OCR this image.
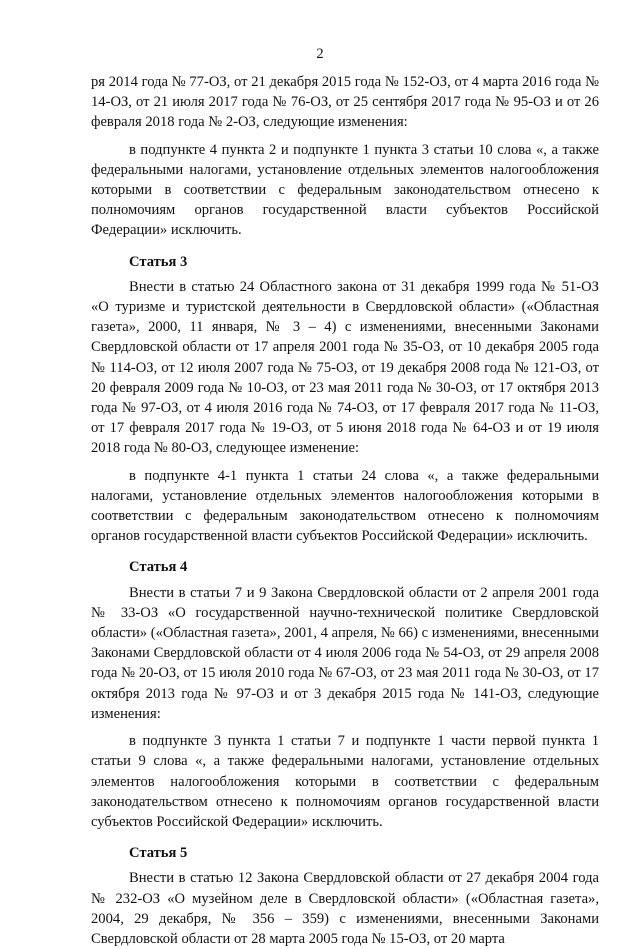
2

ря 2014 года № 77-ОЗ, от 21 декабря 2015 года № 152-ОЗ, от 4 марта 2016 года № 14-ОЗ, от 21 июля 2017 года № 76-ОЗ, от 25 сентября 2017 года № 95-ОЗ и от 26 февраля 2018 года № 2-ОЗ, следующие изменения:

в подпункте 4 пункта 2 и подпункте 1 пункта 3 статьи 10 слова «, а также федеральными налогами, установление отдельных элементов налогообложения которыми в соответствии с федеральным законодательством отнесено к полномочиям органов государственной власти субъектов Российской Федерации» исключить.

Статья 3

Внести в статью 24 Областного закона от 31 декабря 1999 года № 51-ОЗ «О туризме и туристской деятельности в Свердловской области» («Областная газета», 2000, 11 января, № 3 – 4) с изменениями, внесенными Законами Свердловской области от 17 апреля 2001 года № 35-ОЗ, от 10 декабря 2005 года № 114-ОЗ, от 12 июля 2007 года № 75-ОЗ, от 19 декабря 2008 года № 121-ОЗ, от 20 февраля 2009 года № 10-ОЗ, от 23 мая 2011 года № 30-ОЗ, от 17 октября 2013 года № 97-ОЗ, от 4 июля 2016 года № 74-ОЗ, от 17 февраля 2017 года № 11-ОЗ, от 17 февраля 2017 года № 19-ОЗ, от 5 июня 2018 года № 64-ОЗ и от 19 июля 2018 года № 80-ОЗ, следующее изменение:

в подпункте 4-1 пункта 1 статьи 24 слова «, а также федеральными налогами, установление отдельных элементов налогообложения которыми в соответствии с федеральным законодательством отнесено к полномочиям органов государственной власти субъектов Российской Федерации» исключить.

Статья 4

Внести в статьи 7 и 9 Закона Свердловской области от 2 апреля 2001 года № 33-ОЗ «О государственной научно-технической политике Свердловской области» («Областная газета», 2001, 4 апреля, № 66) с изменениями, внесенными Законами Свердловской области от 4 июля 2006 года № 54-ОЗ, от 29 апреля 2008 года № 20-ОЗ, от 15 июля 2010 года № 67-ОЗ, от 23 мая 2011 года № 30-ОЗ, от 17 октября 2013 года № 97-ОЗ и от 3 декабря 2015 года № 141-ОЗ, следующие изменения:

в подпункте 3 пункта 1 статьи 7 и подпункте 1 части первой пункта 1 статьи 9 слова «, а также федеральными налогами, установление отдельных элементов налогообложения которыми в соответствии с федеральным законодательством отнесено к полномочиям органов государственной власти субъектов Российской Федерации» исключить.

Статья 5

Внести в статью 12 Закона Свердловской области от 27 декабря 2004 года № 232-ОЗ «О музейном деле в Свердловской области» («Областная газета», 2004, 29 декабря, № 356 – 359) с изменениями, внесенными Законами Свердловской области от 28 марта 2005 года № 15-ОЗ, от 20 марта
